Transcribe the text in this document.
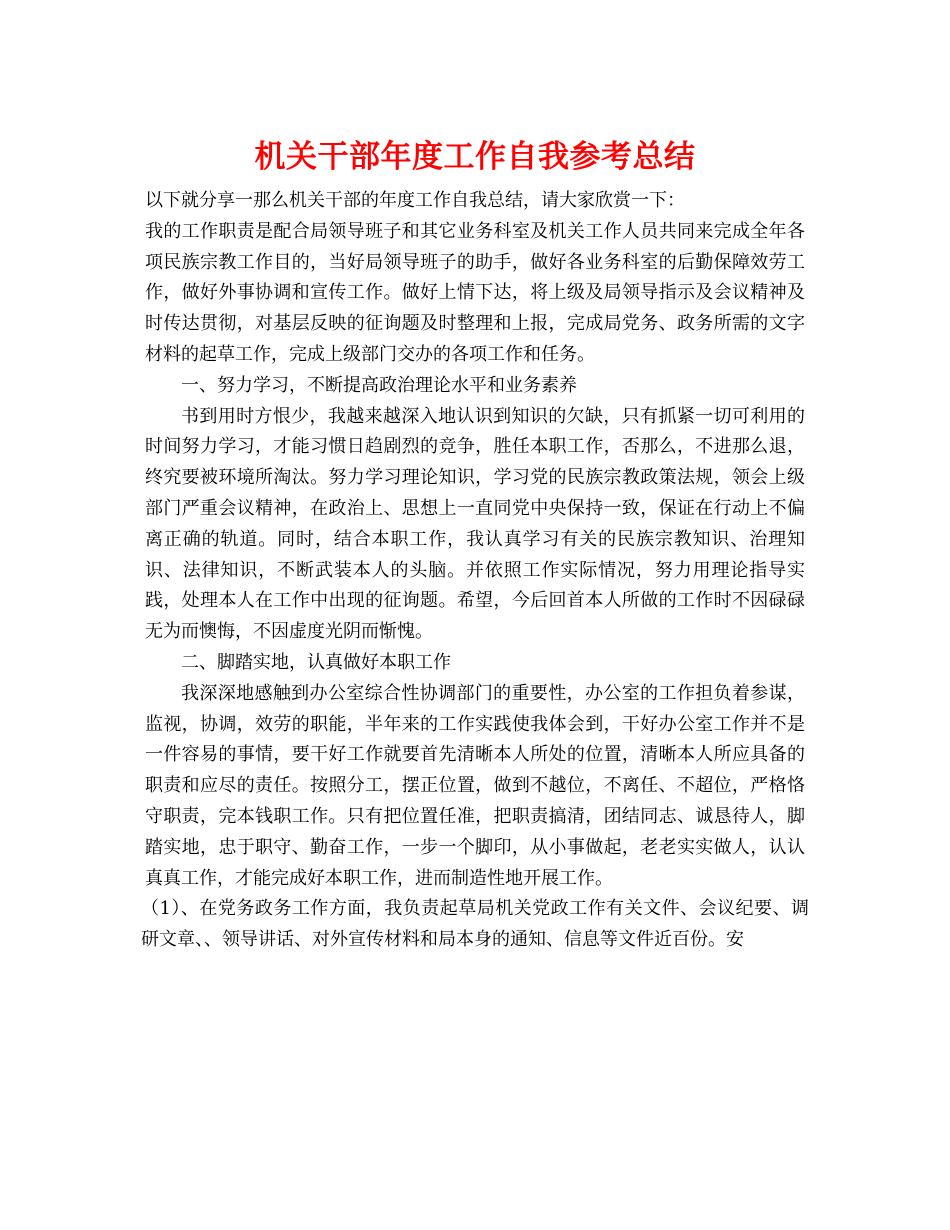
机关干部年度工作自我参考总结

以下就分享一那么机关干部的年度工作自我总结，请大家欣赏一下：

我的工作职责是配合局领导班子和其它业务科室及机关工作人员共同来完成全年各项民族宗教工作目的，当好局领导班子的助手，做好各业务科室的后勤保障效劳工作，做好外事协调和宣传工作。做好上情下达，将上级及局领导指示及会议精神及时传达贯彻，对基层反映的征询题及时整理和上报，完成局党务、政务所需的文字材料的起草工作，完成上级部门交办的各项工作和任务。

一、努力学习，不断提高政治理论水平和业务素养

书到用时方恨少，我越来越深入地认识到知识的欠缺，只有抓紧一切可利用的时间努力学习，才能习惯日趋剧烈的竞争，胜任本职工作，否那么，不进那么退，终究要被环境所淘汰。努力学习理论知识，学习党的民族宗教政策法规，领会上级部门严重会议精神，在政治上、思想上一直同党中央保持一致，保证在行动上不偏离正确的轨道。同时，结合本职工作，我认真学习有关的民族宗教知识、治理知识、法律知识，不断武装本人的头脑。并依照工作实际情况，努力用理论指导实践，处理本人在工作中出现的征询题。希望，今后回首本人所做的工作时不因碌碌无为而懊悔，不因虚度光阴而惭愧。

二、脚踏实地，认真做好本职工作

我深深地感触到办公室综合性协调部门的重要性，办公室的工作担负着参谋，监视，协调，效劳的职能，半年来的工作实践使我体会到，干好办公室工作并不是一件容易的事情，要干好工作就要首先清晰本人所处的位置，清晰本人所应具备的职责和应尽的责任。按照分工，摆正位置，做到不越位，不离任、不超位，严格恪守职责，完本钱职工作。只有把位置任准，把职责搞清，团结同志、诚恳待人，脚踏实地，忠于职守、勤奋工作，一步一个脚印，从小事做起，老老实实做人，认认真真工作，才能完成好本职工作，进而制造性地开展工作。

（1）、在党务政务工作方面，我负责起草局机关党政工作有关文件、会议纪要、调研文章、、领导讲话、对外宣传材料和局本身的通知、信息等文件近百份。安
